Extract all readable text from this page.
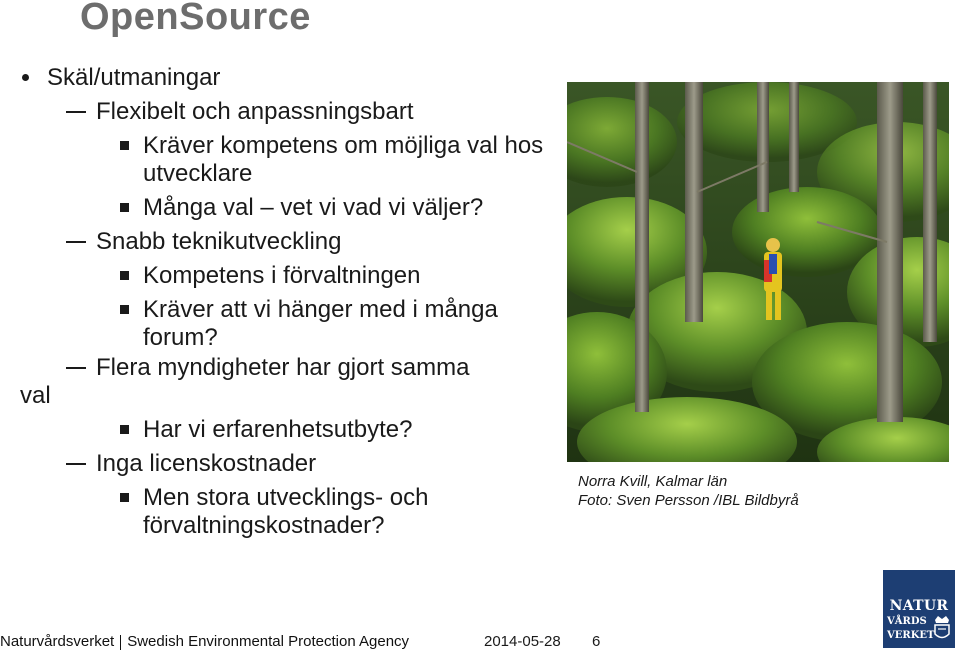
OpenSource
Skäl/utmaningar
Flexibelt och anpassningsbart
Kräver kompetens om möjliga val hos utvecklare
Många val – vet vi vad vi väljer?
Snabb teknikutveckling
Kompetens i förvaltningen
Kräver att vi hänger med i många forum?
Flera myndigheter har gjort samma val
Har vi erfarenhetsutbyte?
Inga licenskostnader
Men stora utvecklings- och förvaltningskostnader?
Norra Kvill, Kalmar län
Foto: Sven Persson /IBL Bildbyrå
Naturvårdsverket Swedish Environmental Protection Agency	2014-05-28 6
NATUR
VÅRDS
VERKET
